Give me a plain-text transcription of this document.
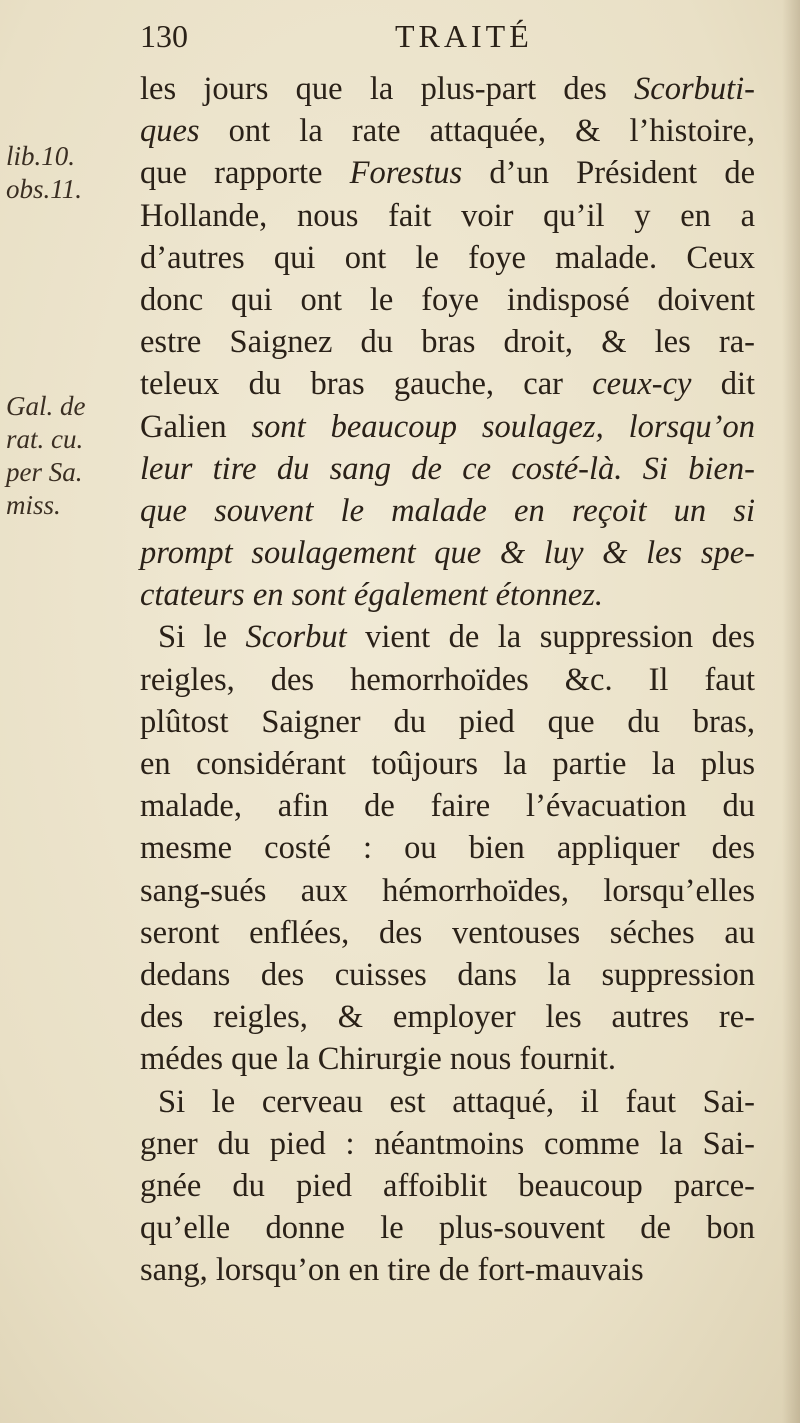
130	TRAITÉ
lib.10.
obs.11.
Gal. de
rat. cu.
per Sa.
miss.
les jours que la plus-part des Scorbuti-
ques ont la rate attaquée, & l’histoire,
que rapporte Forestus d’un Président de
Hollande, nous fait voir qu’il y en a
d’autres qui ont le foye malade. Ceux
donc qui ont le foye indisposé doivent
estre Saignez du bras droit, & les ra-
teleux du bras gauche, car ceux-cy dit
Galien sont beaucoup soulagez, lorsqu’on
leur tire du sang de ce costé-là. Si bien-
que souvent le malade en reçoit un si
prompt soulagement que & luy & les spe-
ctateurs en sont également étonnez.
Si le Scorbut vient de la suppression des
reigles, des hemorrhoïdes &c. Il faut
plûtost Saigner du pied que du bras,
en considérant toûjours la partie la plus
malade, afin de faire l’évacuation du
mesme costé : ou bien appliquer des
sang-sués aux hémorrhoïdes, lorsqu’elles
seront enflées, des ventouses séches au
dedans des cuisses dans la suppression
des reigles, & employer les autres re-
médes que la Chirurgie nous fournit.
Si le cerveau est attaqué, il faut Sai-
gner du pied : néantmoins comme la Sai-
gnée du pied affoiblit beaucoup parce-
qu’elle donne le plus-souvent de bon
sang, lorsqu’on en tire de fort-mauvais
